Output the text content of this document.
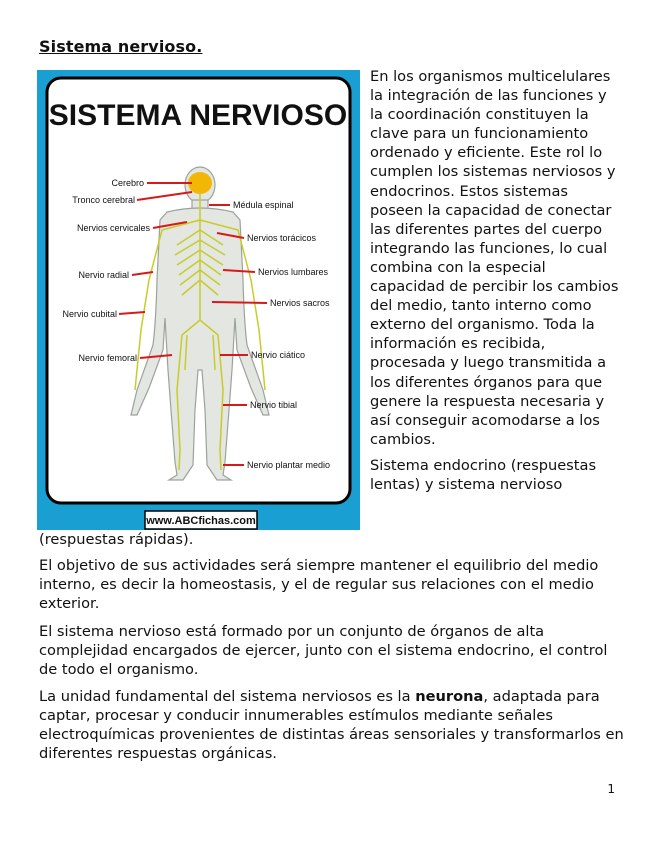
Sistema nervioso.
SISTEMA NERVIOSO
Cerebro
Tronco cerebral	Médula espinal
Nervios cervicales
Nervios torácicos
Nervio radial	Nervios lumbares
Nervio cubital
Nervios sacros
Nervio femoral	Nervio ciático
Nervio tibial
Nervio plantar medio
www.ABCfichas.com

En los organismos multicelulares la integración de las funciones y la coordinación constituyen la clave para un funcionamiento ordenado y eficiente. Este rol lo cumplen los sistemas nerviosos y endocrinos. Estos sistemas poseen la capacidad de conectar las diferentes partes del cuerpo integrando las funciones, lo cual combina con la especial capacidad de percibir los cambios del medio, tanto interno como externo del organismo. Toda la información es recibida, procesada y luego transmitida a los diferentes órganos para que genere la respuesta necesaria y así conseguir acomodarse a los cambios.

Sistema endocrino (respuestas lentas) y sistema nervioso

(respuestas rápidas).

El objetivo de sus actividades será siempre mantener el equilibrio del medio interno, es decir la homeostasis, y el de regular sus relaciones con el medio exterior.

El sistema nervioso está formado por un conjunto de órganos de alta complejidad encargados de ejercer, junto con el sistema endocrino, el control de todo el organismo.

La unidad fundamental del sistema nerviosos es la neurona, adaptada para captar, procesar y conducir innumerables estímulos mediante señales electroquímicas provenientes de distintas áreas sensoriales y transformarlos en diferentes respuestas orgánicas.

1
